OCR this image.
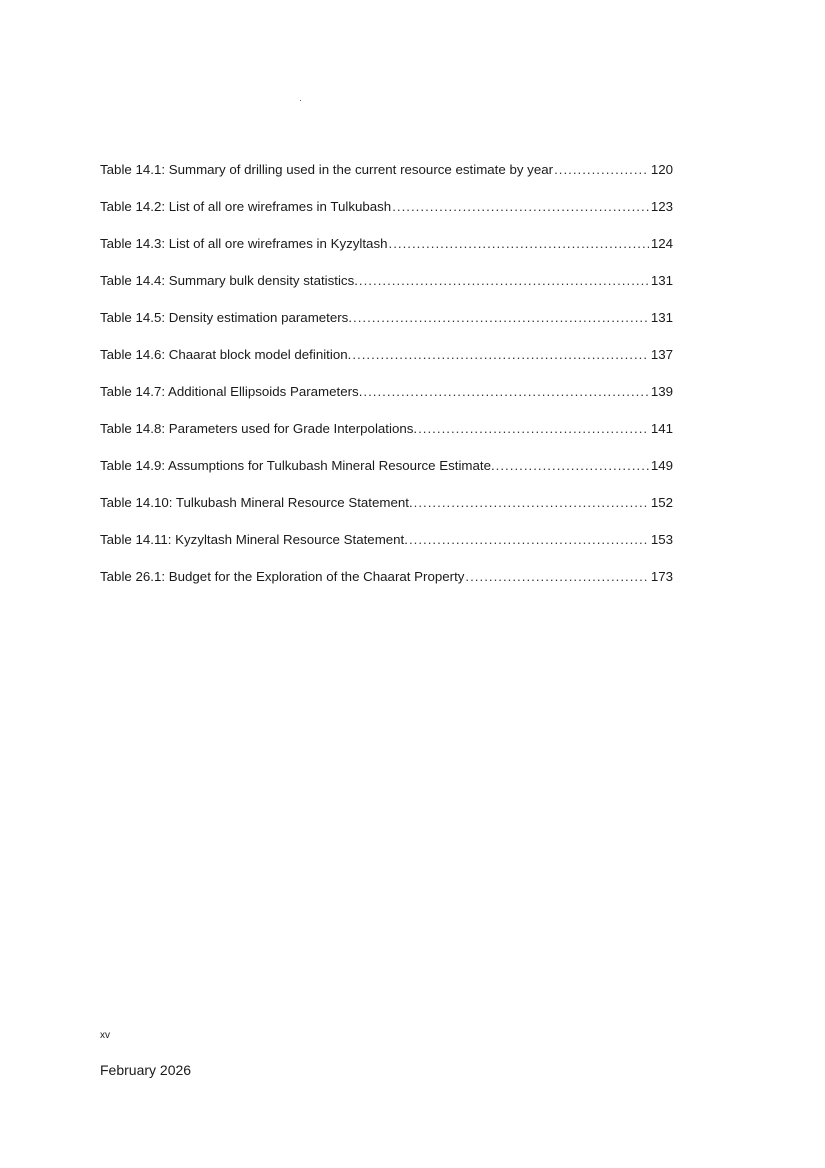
Table 14.1: Summary of drilling used in the current resource estimate by year .....	120
Table 14.2: List of all ore wireframes in Tulkubash .....	123
Table 14.3: List of all ore wireframes in Kyzyltash .....	124
Table 14.4: Summary bulk density statistics. .....	131
Table 14.5: Density estimation parameters. .....	131
Table 14.6: Chaarat block model definition. .....	137
Table 14.7: Additional Ellipsoids Parameters. .....	139
Table 14.8: Parameters used for Grade Interpolations. .....	141
Table 14.9: Assumptions for Tulkubash Mineral Resource Estimate. .....	149
Table 14.10: Tulkubash Mineral Resource Statement. .....	152
Table 14.11: Kyzyltash Mineral Resource Statement. .....	153
Table 26.1: Budget for the Exploration of the Chaarat Property .....	173
xv
February 2026
